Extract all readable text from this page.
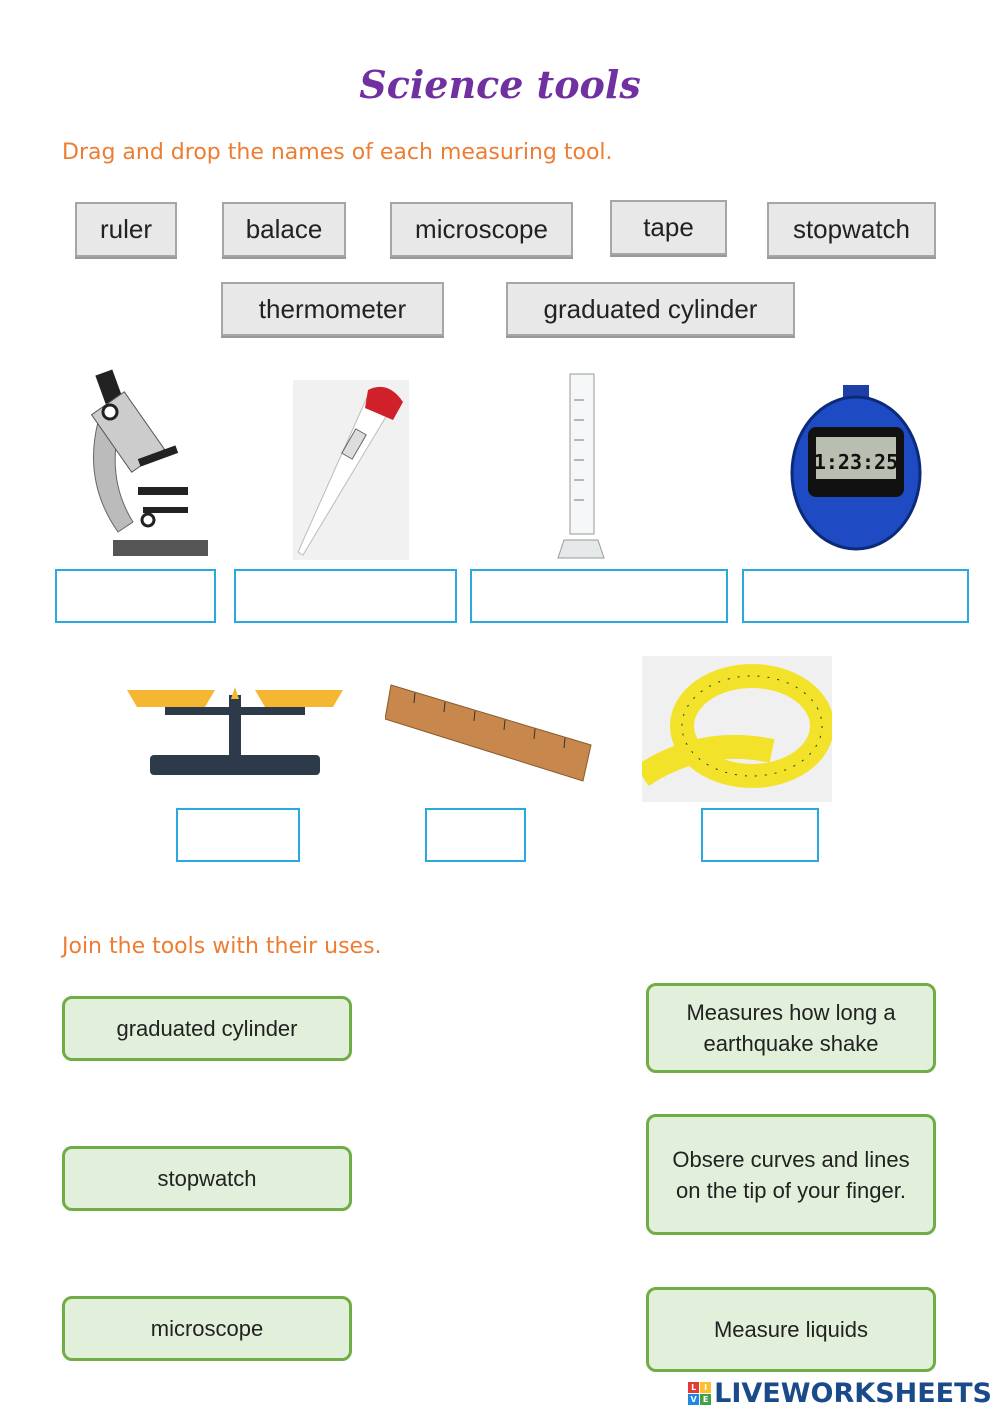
Science tools
Drag and drop the names of each measuring tool.
ruler	balace	microscope	tape	stopwatch
thermometer	graduated cylinder
1:23:25
Join the tools with their uses.
graduated cylinder
stopwatch
microscope
Measures how long a earthquake shake
Obsere curves and lines on the tip of your finger.
Measure liquids
L I
V E LIVEWORKSHEETS
